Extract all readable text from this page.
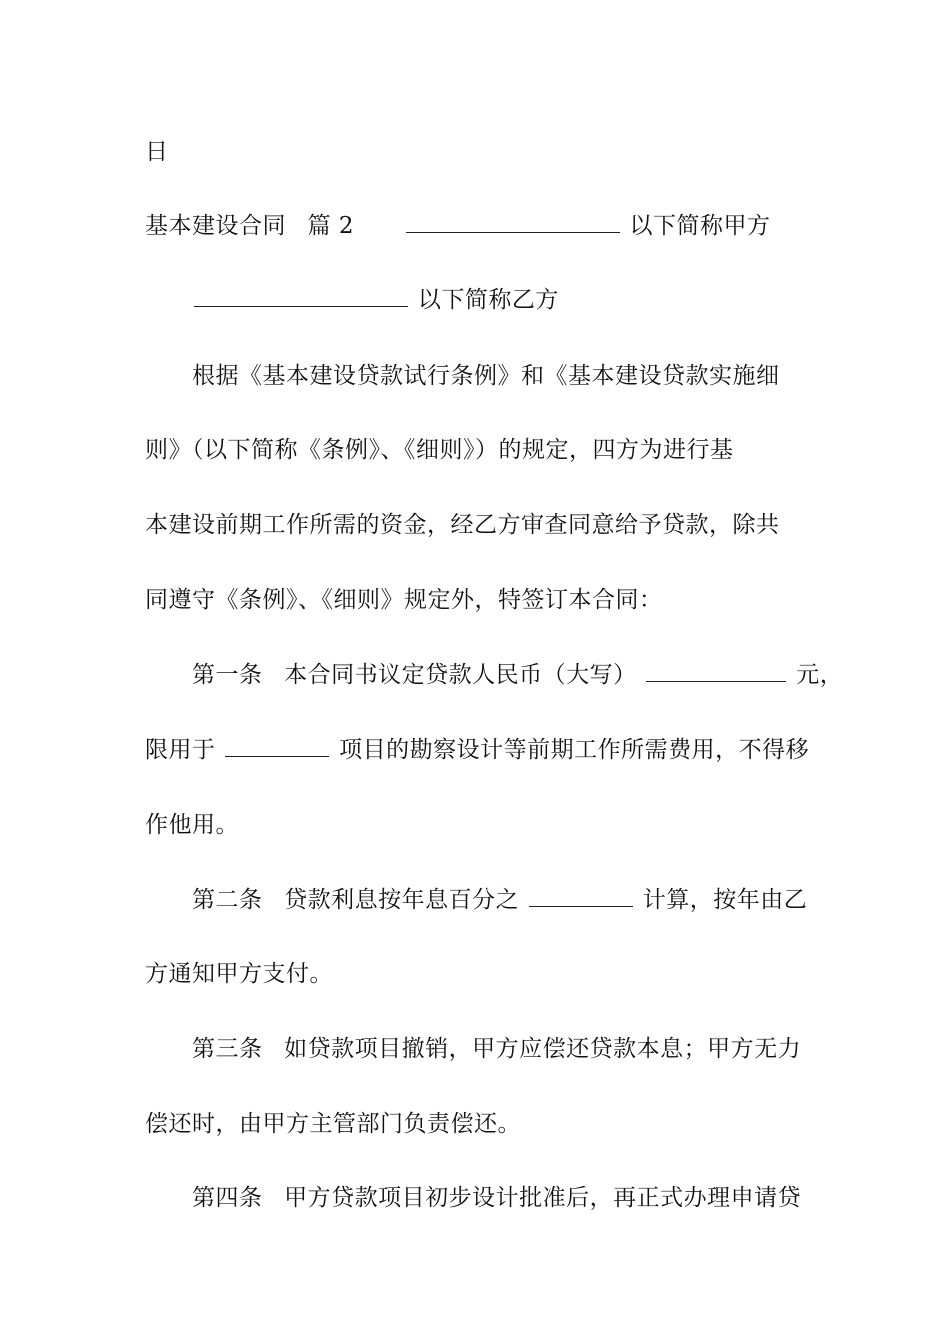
日
基本建设合同 篇 2	以下简称甲方
以下简称乙方
根据《基本建设贷款试行条例》和《基本建设贷款实施细
则》（以下简称《条例》、《细则》）的规定，四方为进行基
本建设前期工作所需的资金，经乙方审查同意给予贷款，除共
同遵守《条例》、《细则》规定外，特签订本合同：
第一条 本合同书议定贷款人民币（大写）	元，
限用于	项目的勘察设计等前期工作所需费用，不得移
作他用。
第二条 贷款利息按年息百分之	计算，按年由乙
方通知甲方支付。
第三条 如贷款项目撤销，甲方应偿还贷款本息；甲方无力
偿还时，由甲方主管部门负责偿还。
第四条 甲方贷款项目初步设计批准后，再正式办理申请贷
